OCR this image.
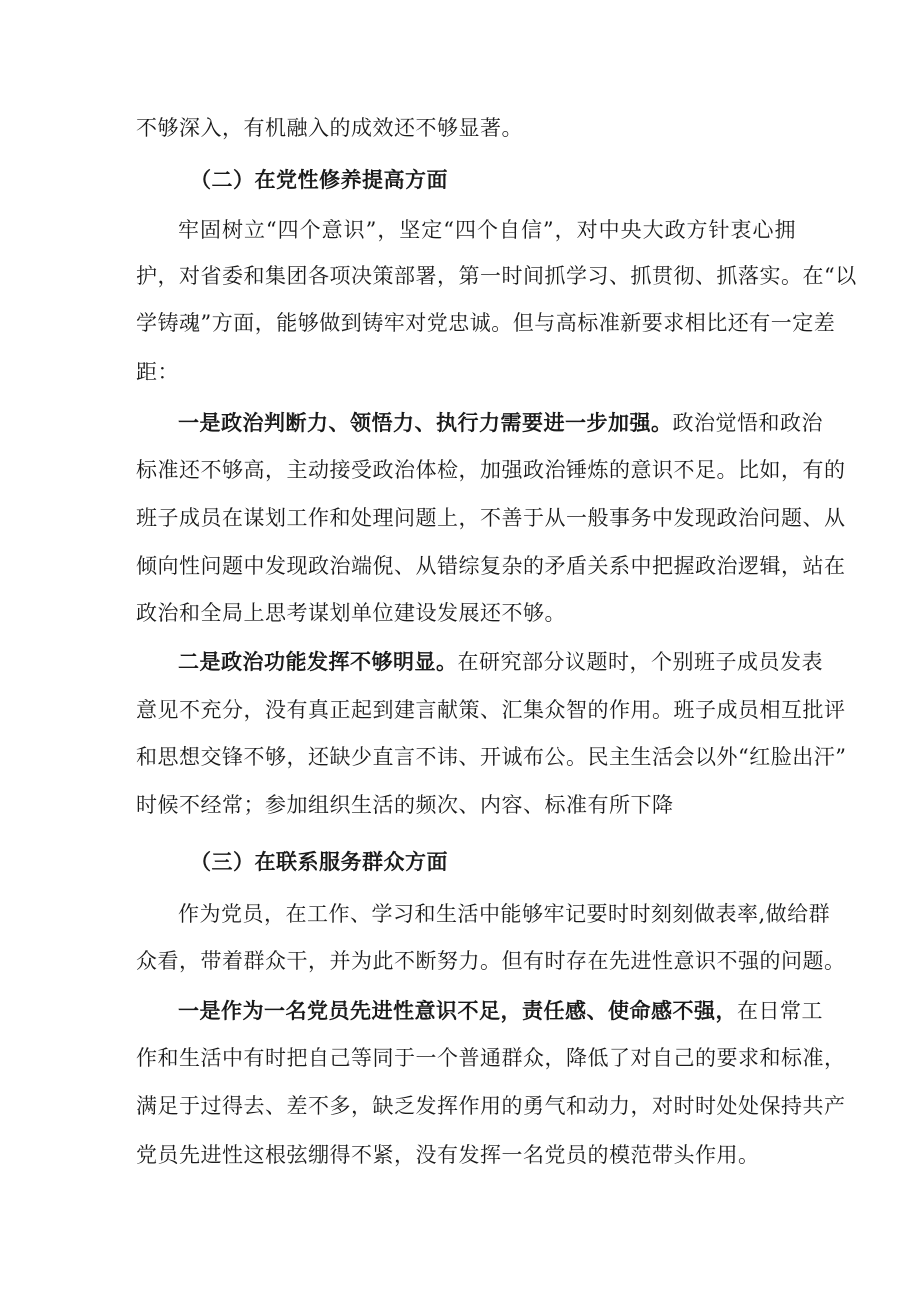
不够深入，有机融入的成效还不够显著。
（二）在党性修养提高方面
牢固树立“四个意识”，坚定“四个自信”，对中央大政方针衷心拥
护，对省委和集团各项决策部署，第一时间抓学习、抓贯彻、抓落实。在“以
学铸魂”方面，能够做到铸牢对党忠诚。但与高标准新要求相比还有一定差
距：
一是政治判断力、领悟力、执行力需要进一步加强。政治觉悟和政治
标准还不够高，主动接受政治体检，加强政治锤炼的意识不足。比如，有的
班子成员在谋划工作和处理问题上，不善于从一般事务中发现政治问题、从
倾向性问题中发现政治端倪、从错综复杂的矛盾关系中把握政治逻辑，站在
政治和全局上思考谋划单位建设发展还不够。
二是政治功能发挥不够明显。在研究部分议题时，个别班子成员发表
意见不充分，没有真正起到建言献策、汇集众智的作用。班子成员相互批评
和思想交锋不够，还缺少直言不讳、开诚布公。民主生活会以外“红脸出汗”
时候不经常；参加组织生活的频次、内容、标准有所下降
（三）在联系服务群众方面
作为党员，在工作、学习和生活中能够牢记要时时刻刻做表率,做给群
众看，带着群众干，并为此不断努力。但有时存在先进性意识不强的问题。
一是作为一名党员先进性意识不足，责任感、使命感不强，在日常工
作和生活中有时把自己等同于一个普通群众，降低了对自己的要求和标准，
满足于过得去、差不多，缺乏发挥作用的勇气和动力，对时时处处保持共产
党员先进性这根弦绷得不紧，没有发挥一名党员的模范带头作用。
